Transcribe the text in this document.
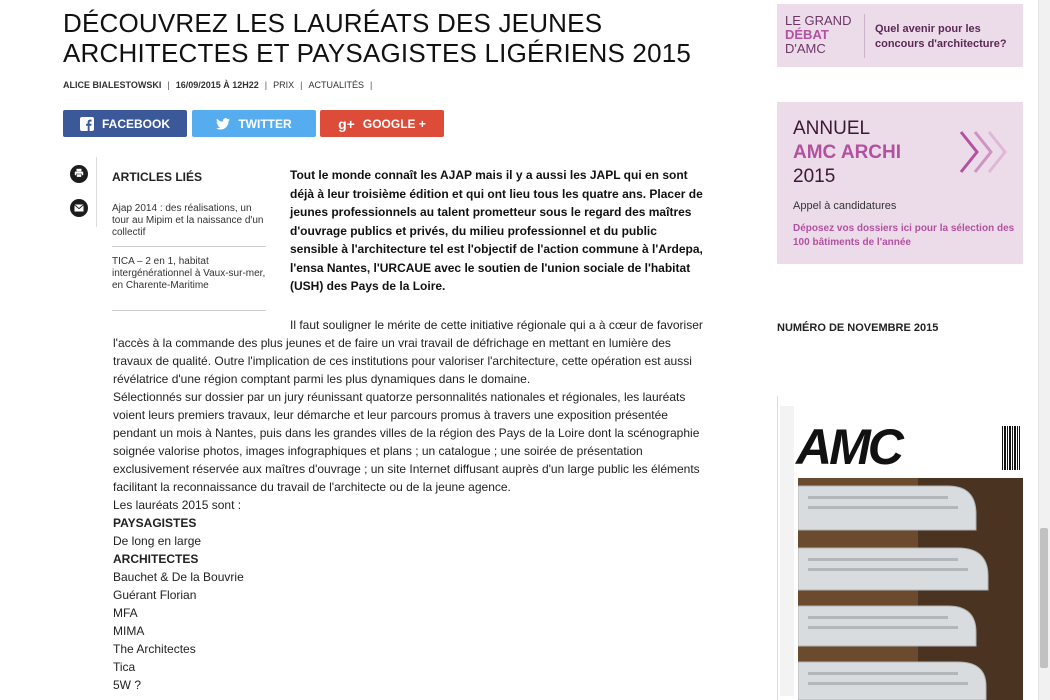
DÉCOUVREZ LES LAURÉATS DES JEUNES
ARCHITECTES ET PAYSAGISTES LIGÉRIENS 2015
ALICE BIALESTOWSKI | 16/09/2015 À 12H22 | PRIX | ACTUALITÉS |
FACEBOOK	TWITTER	g+ GOOGLE +
ARTICLES LIÉS
Ajap 2014 : des réalisations, un tour au Mipim et la naissance d'un collectif
TICA – 2 en 1, habitat intergénérationnel à Vaux-sur-mer, en Charente-Maritime
Tout le monde connaît les AJAP mais il y a aussi les JAPL qui en sont déjà à leur troisième édition et qui ont lieu tous les quatre ans. Placer de jeunes professionnels au talent prometteur sous le regard des maîtres d'ouvrage publics et privés, du milieu professionnel et du public sensible à l'architecture tel est l'objectif de l'action commune à l'Ardepa, l'ensa Nantes, l'URCAUE avec le soutien de l'union sociale de l'habitat (USH) des Pays de la Loire.

Il faut souligner le mérite de cette initiative régionale qui a à cœur de favoriser l'accès à la commande des plus jeunes et de faire un vrai travail de défrichage en mettant en lumière des travaux de qualité. Outre l'implication de ces institutions pour valoriser l'architecture, cette opération est aussi révélatrice d'une région comptant parmi les plus dynamiques dans le domaine.

Sélectionnés sur dossier par un jury réunissant quatorze personnalités nationales et régionales, les lauréats voient leurs premiers travaux, leur démarche et leur parcours promus à travers une exposition présentée pendant un mois à Nantes, puis dans les grandes villes de la région des Pays de la Loire dont la scénographie soignée valorise photos, images infographiques et plans ; un catalogue ; une soirée de présentation exclusivement réservée aux maîtres d'ouvrage ; un site Internet diffusant auprès d'un large public les éléments facilitant la reconnaissance du travail de l'architecte ou de la jeune agence.

Les lauréats 2015 sont :

PAYSAGISTES

De long en large

ARCHITECTES

Bauchet & De la Bouvrie

Guérant Florian

MFA

MIMA

The Architectes

Tica

5W ?

LE GRAND
DÉBAT
D'AMC
Quel avenir pour les concours d'architecture?
ANNUEL
AMC ARCHI
2015
Appel à candidatures
Déposez vos dossiers ici pour la sélection des 100 bâtiments de l'année
NUMÉRO DE NOVEMBRE 2015
AMC
